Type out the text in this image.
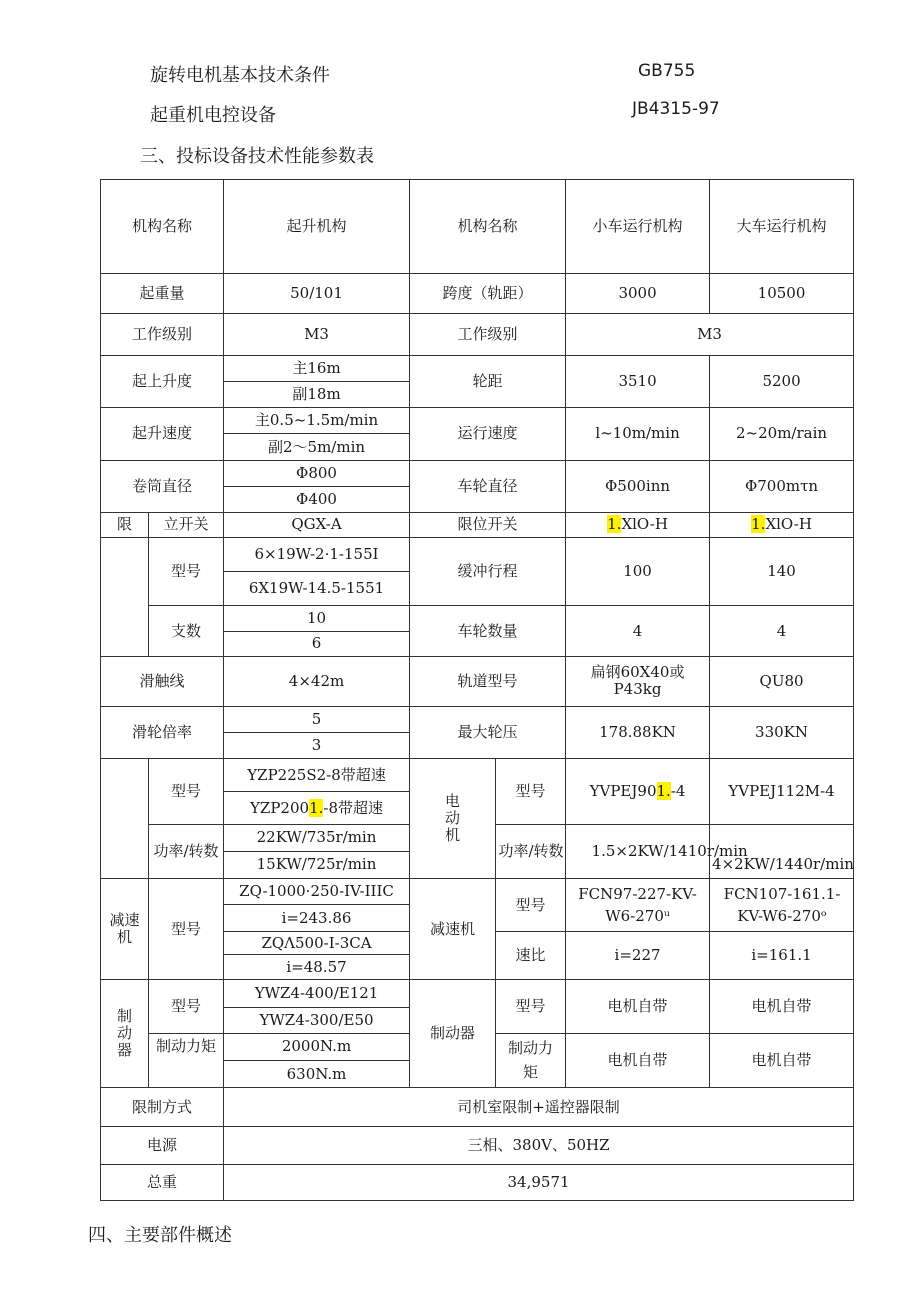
旋转电机基本技术条件	GB755
起重机电控设备	JB4315-97
三、投标设备技术性能参数表
机构名称		起升机构	机构名称		小车运行机构	大车运行机构
起重量		50/101	跨度（轨距）		3000	10500
工作级别		M3	工作级别		M3	
起上升度		主16m	轮距		3510	5200
		副18m				
起升速度		主0.5~1.5m/min	运行速度		l~10m/min	2~20m/rain
		副2～5m/min				
卷筒直径		Φ800	车轮直径		Φ500inn	Φ700mτn
		Φ400				
限	立开关	QGX-A	限位开关		1.XlO-H	1.XlO-H
	型号	6×19W-2·1-155I	缓冲行程		100	140
		6X19W-14.5-1551				
	支数	10	车轮数量		4	4
		6				
滑触线		4×42m	轨道型号		扁钢60X40或P43kg	QU80
滑轮倍率		5	最大轮压		178.88KN	330KN
		3				
	型号	YZP225S2-8带超速	电动机	型号	YVPEJ901.-4	YVPEJ112M-4
		YZP2001.-8带超速				

	功率/转数	22KW/735r/min		功率/转数	1.5×2KW/1410r/min	4×2KW/1440r/min
		15KW/725r/min				

减速机	型号	ZQ-1000·250-IV-IIIC	减速机	型号	FCN97-227-KV-W6-270ᵘ	FCN107-161.1-KV-W6-270ᵒ

		i=243.86				
		ZQΛ500-I-3CA		速比	i=227	i=161.1
		i=48.57				

制动器	型号	YWZ4-400/E121	制动器	型号	电机自带	电机自带
		YWZ4-300/E50				
	制动力矩	2000N.m		制动力矩	电机自带	电机自带
		630N.m				
限制方式		司机室限制+遥控器限制				
电源		三相、380V、50HZ				
总重		34,9571				
四、主要部件概述
